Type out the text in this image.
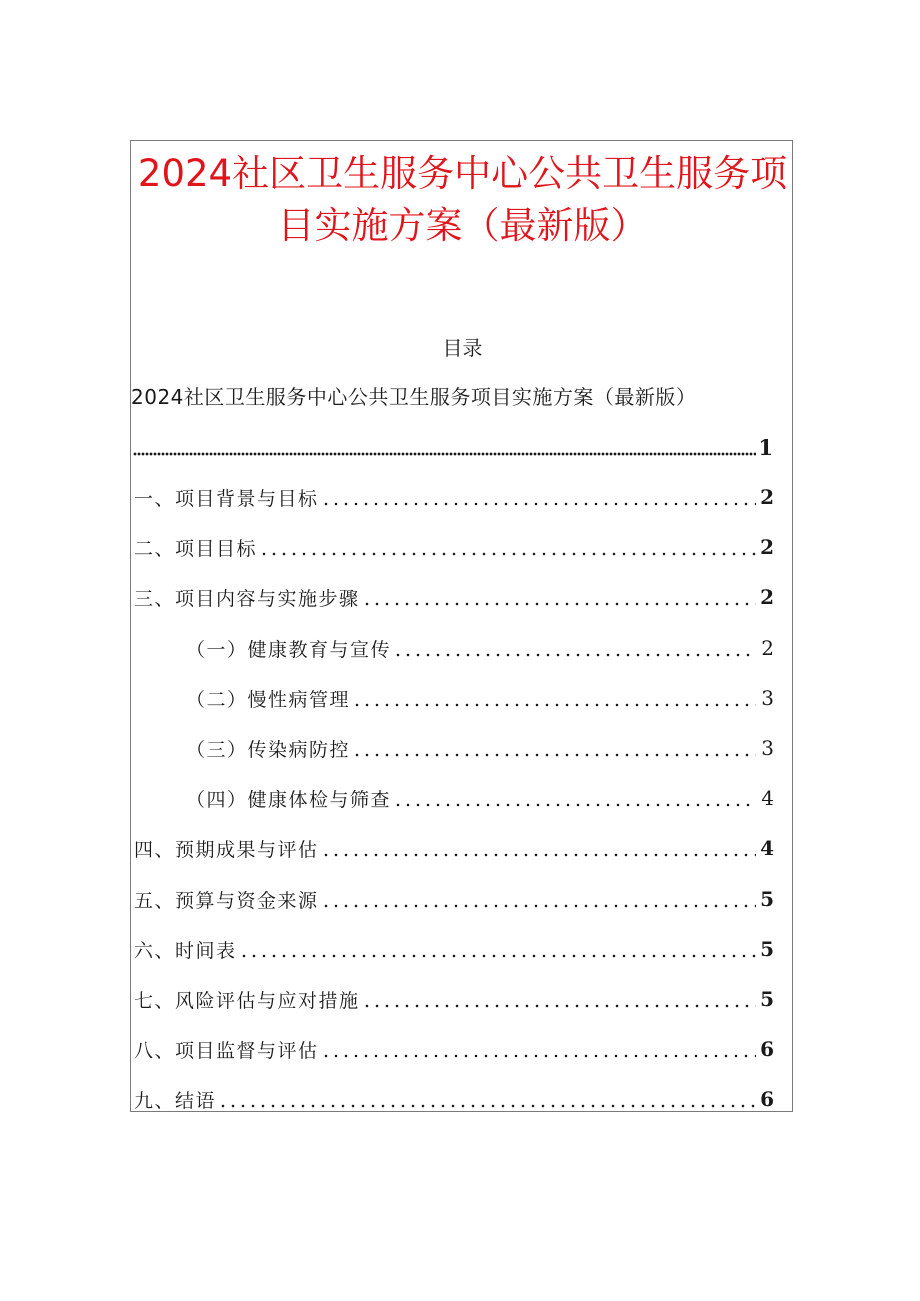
2024社区卫生服务中心公共卫生服务项目实施方案（最新版）
目录
2024社区卫生服务中心公共卫生服务项目实施方案（最新版）
1
一、项目背景与目标	2
二、项目目标	2
三、项目内容与实施步骤	2
（一）健康教育与宣传	2
（二）慢性病管理	3
（三）传染病防控	3
（四）健康体检与筛查	4
四、预期成果与评估	4
五、预算与资金来源	5
六、时间表	5
七、风险评估与应对措施	5
八、项目监督与评估	6
九、结语	6
